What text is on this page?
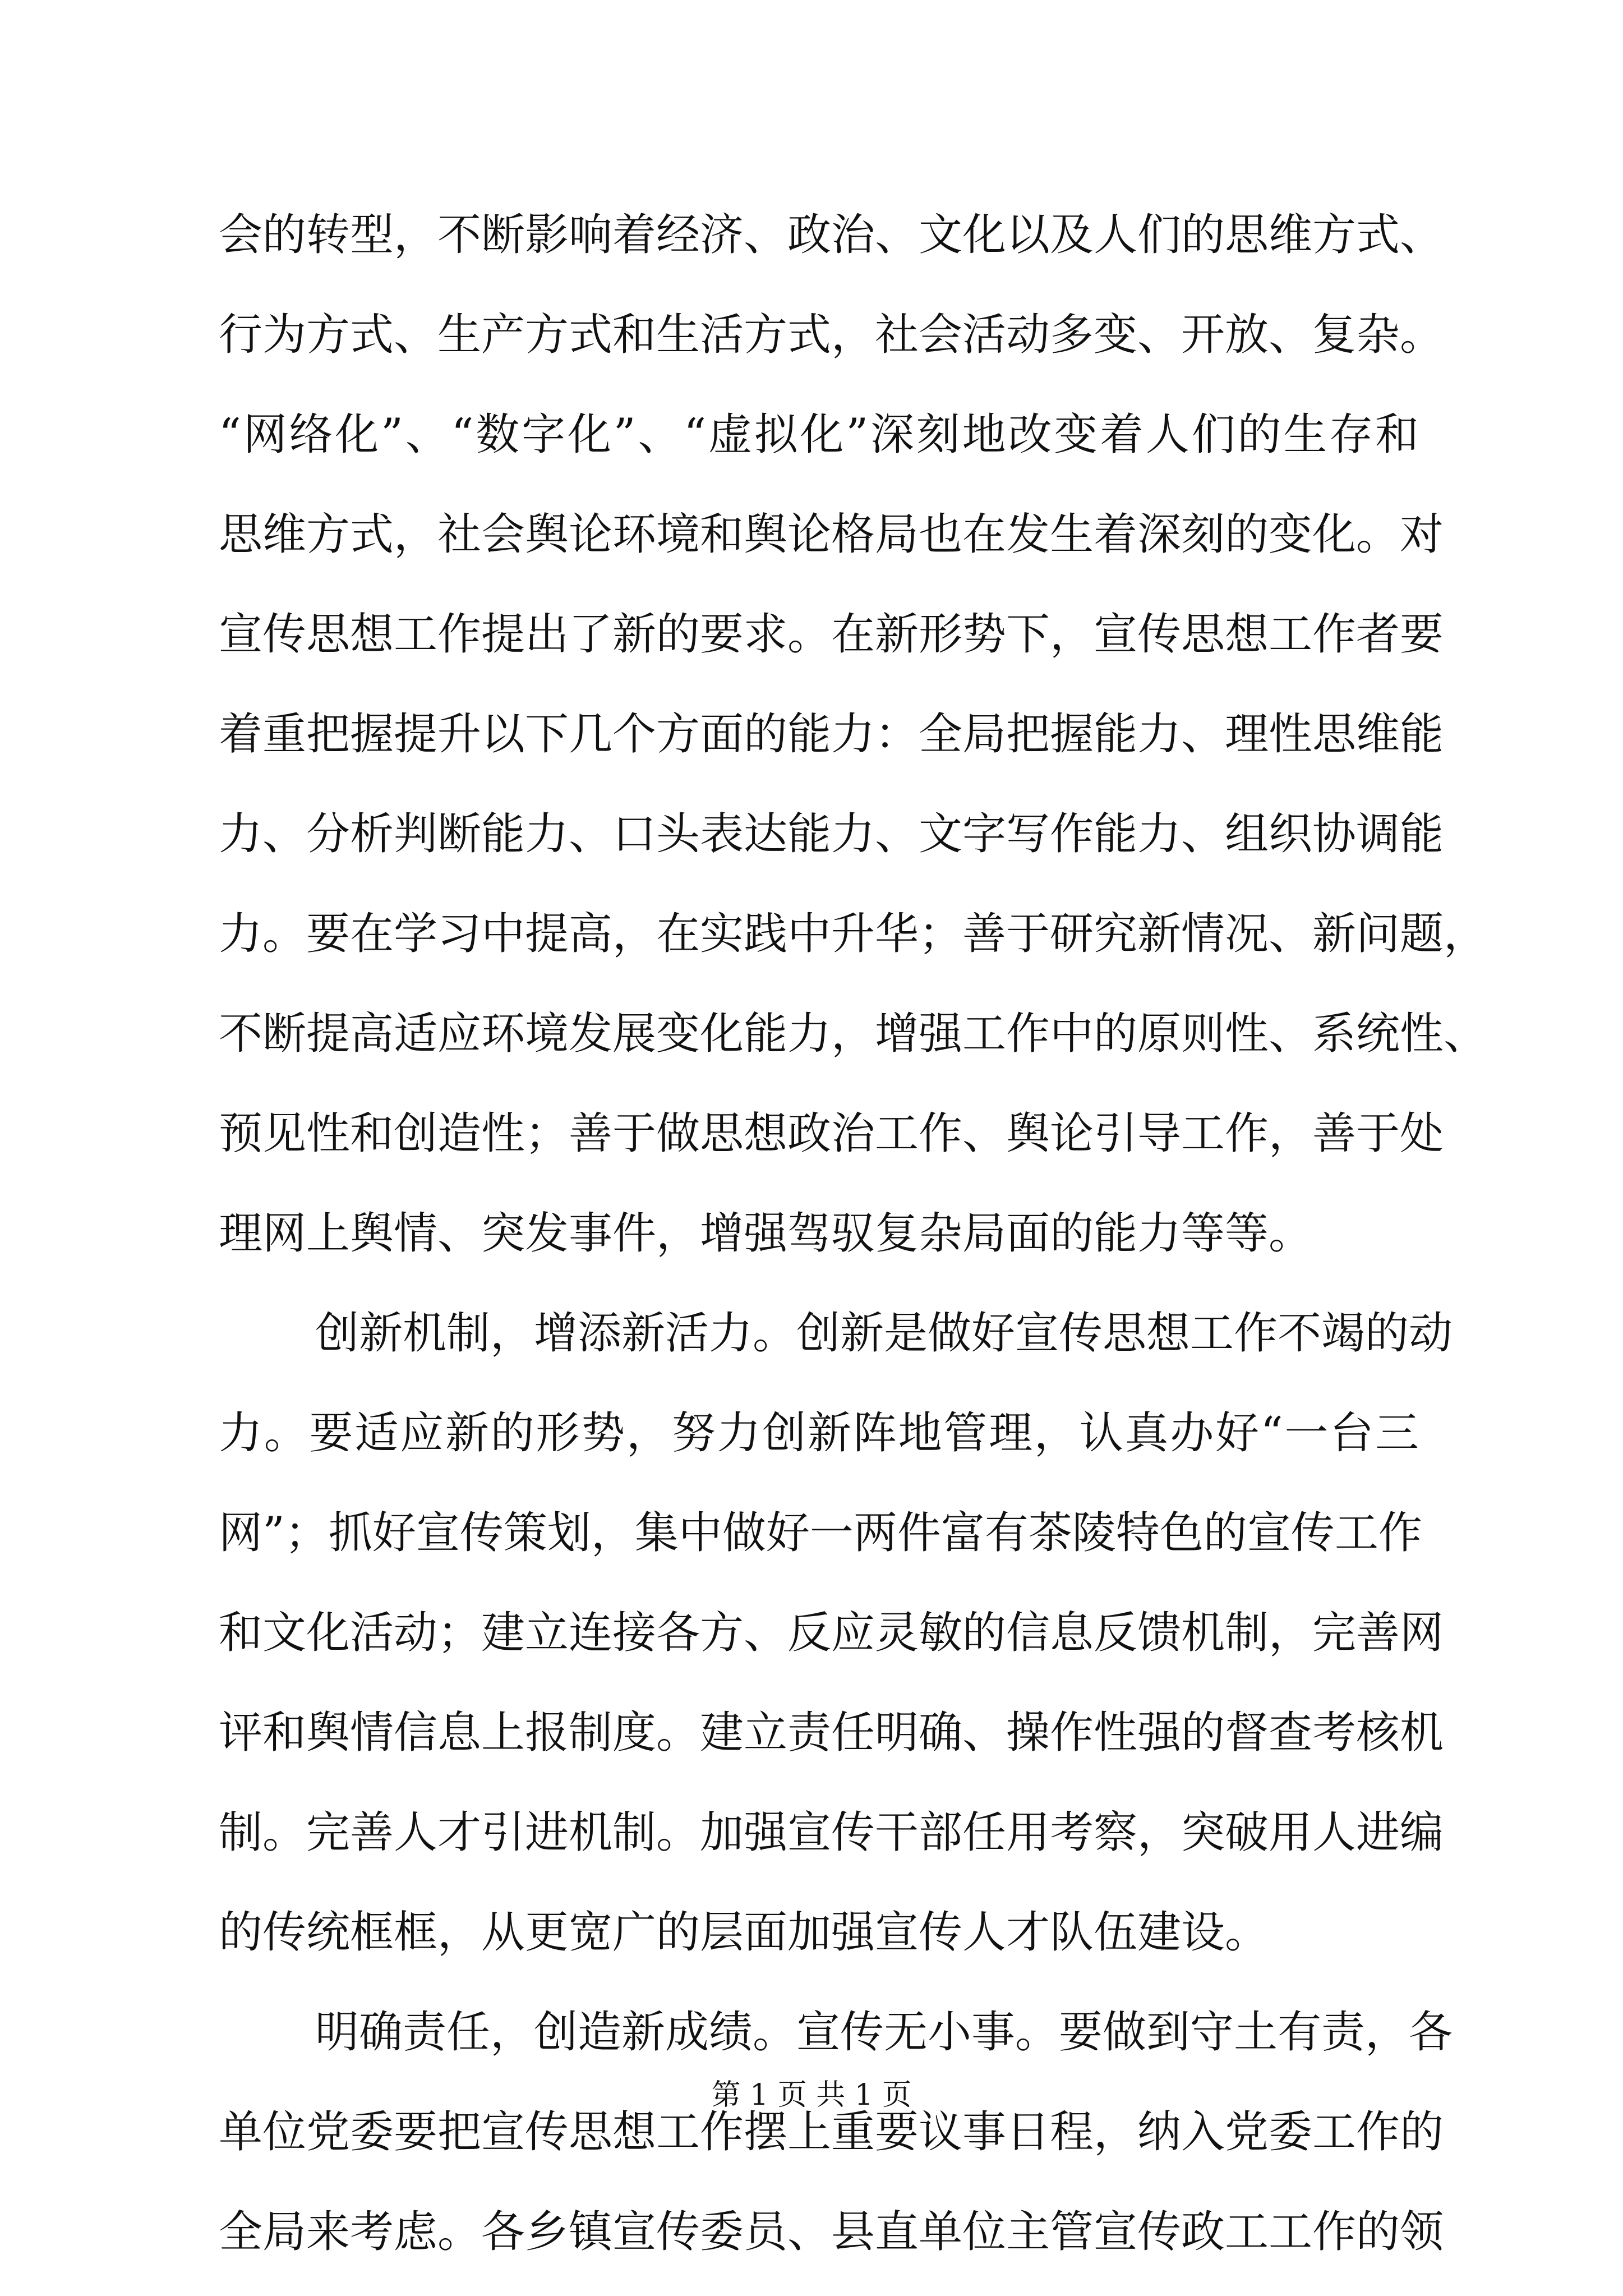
会的转型，不断影响着经济、政治、文化以及人们的思维方式、
行为方式、生产方式和生活方式，社会活动多变、开放、复杂。
“网络化”、“数字化”、“虚拟化”深刻地改变着人们的生存和
思维方式，社会舆论环境和舆论格局也在发生着深刻的变化。对
宣传思想工作提出了新的要求。在新形势下，宣传思想工作者要
着重把握提升以下几个方面的能力：全局把握能力、理性思维能
力、分析判断能力、口头表达能力、文字写作能力、组织协调能
力。要在学习中提高，在实践中升华；善于研究新情况、新问题，
不断提高适应环境发展变化能力，增强工作中的原则性、系统性、
预见性和创造性；善于做思想政治工作、舆论引导工作，善于处
理网上舆情、突发事件，增强驾驭复杂局面的能力等等。
创新机制，增添新活力。创新是做好宣传思想工作不竭的动
力。要适应新的形势，努力创新阵地管理，认真办好“一台三
网”；抓好宣传策划，集中做好一两件富有茶陵特色的宣传工作
和文化活动；建立连接各方、反应灵敏的信息反馈机制，完善网
评和舆情信息上报制度。建立责任明确、操作性强的督查考核机
制。完善人才引进机制。加强宣传干部任用考察，突破用人进编
的传统框框，从更宽广的层面加强宣传人才队伍建设。
明确责任，创造新成绩。宣传无小事。要做到守土有责，各
单位党委要把宣传思想工作摆上重要议事日程，纳入党委工作的
全局来考虑。各乡镇宣传委员、县直单位主管宣传政工工作的领
第 1 页 共 1 页
